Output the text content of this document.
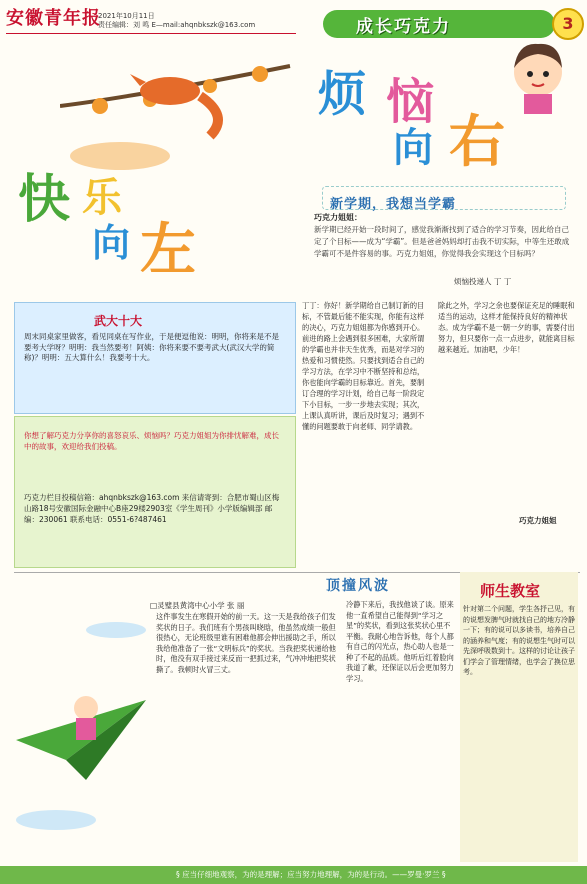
安徽青年报
2021年10月11日
责任编辑：刘 鸣 E—mail:ahqnbkszk@163.com	成长巧克力	3
烦 恼
向 右
快 乐
向 左
新学期，我想当学霸
巧克力姐姐：
新学期已经开始一段时间了，感觉我渐渐找到了适合的学习节奏，因此给自己定了个目标——成为“学霸”。但是爸爸妈妈却打击我不切实际，中等生还敢成学霸可不是件容易的事。巧克力姐姐，你觉得我会实现这个目标吗？
烦恼投递人 丁 丁
武大十大
周末同桌家里做客，看见同桌在写作业，于是便逗他说：明明，你将来是不是要考大学呀？明明：我当然要考！阿姨：你将来要不要考武大(武汉大学的简称)？明明：五大算什么！我要考十大。
你想了解巧克力分享你的喜怒哀乐、烦恼吗？巧克力姐姐为你排忧解难，成长中的故事，欢迎给我们投稿。
巧克力栏目投稿信箱：ahqnbkszk@163.com 来信请寄到：合肥市蜀山区梅山路18号安徽国际金融中心B座29楼2903室《学生周刊》小学版编辑部 邮编：230061 联系电话：0551-6?487461
丁丁：你好！新学期给自己制订新的目标，不管最后能不能实现，你能有这样的决心，巧克力姐姐都为你感到开心。前进的路上会遇到很多困难，大家所谓的学霸也并非天生优秀，而是对学习的热爱和习惯使然。只要找到适合自己的学习方法，在学习中不断坚持和总结，你也能向学霸的目标靠近。首先，要制订合理的学习计划，给自己每一阶段定下小目标，一步一步地去实现；其次，上课认真听讲，课后及时复习；遇到不懂的问题要敢于向老师、同学请教。
除此之外，学习之余也要保证充足的睡眠和适当的运动，这样才能保持良好的精神状态。成为学霸不是一朝一夕的事，需要付出努力，但只要你一点一点进步，就能离目标越来越近。加油吧，少年！
巧克力姐姐
顶撞风波
□灵璧县黄湾中心小学 张 丽
这件事发生在寒假开始的前一天。这一天是我给孩子们发奖状的日子。我们班有个男孩叫晓晗，他虽然成绩一般但很热心，无论班级里谁有困难他都会伸出援助之手，所以我给他准备了一张“文明标兵”的奖状。当我把奖状递给他时，他没有双手接过来反而一把抓过来，气冲冲地把奖状撕了。我顿时火冒三丈。
冷静下来后，我找他谈了谈。原来他一直希望自己能得到“学习之星”的奖状，看到这张奖状心里不平衡。我耐心地告诉他，每个人都有自己的闪光点，热心助人也是一种了不起的品质。他听后红着脸向我道了歉，还保证以后会更加努力学习。
师生教室
针对第二个问题，学生各抒己见，有的说想发脾气时就找自己的地方冷静一下；有的说可以多读书，培养自己的涵养和气度；有的说想生气时可以先深呼吸数到十。这样的讨论让孩子们学会了管理情绪，也学会了换位思考。
§ 应当仔细地观察，为的是理解；应当努力地理解，为的是行动。——罗曼·罗兰 §
